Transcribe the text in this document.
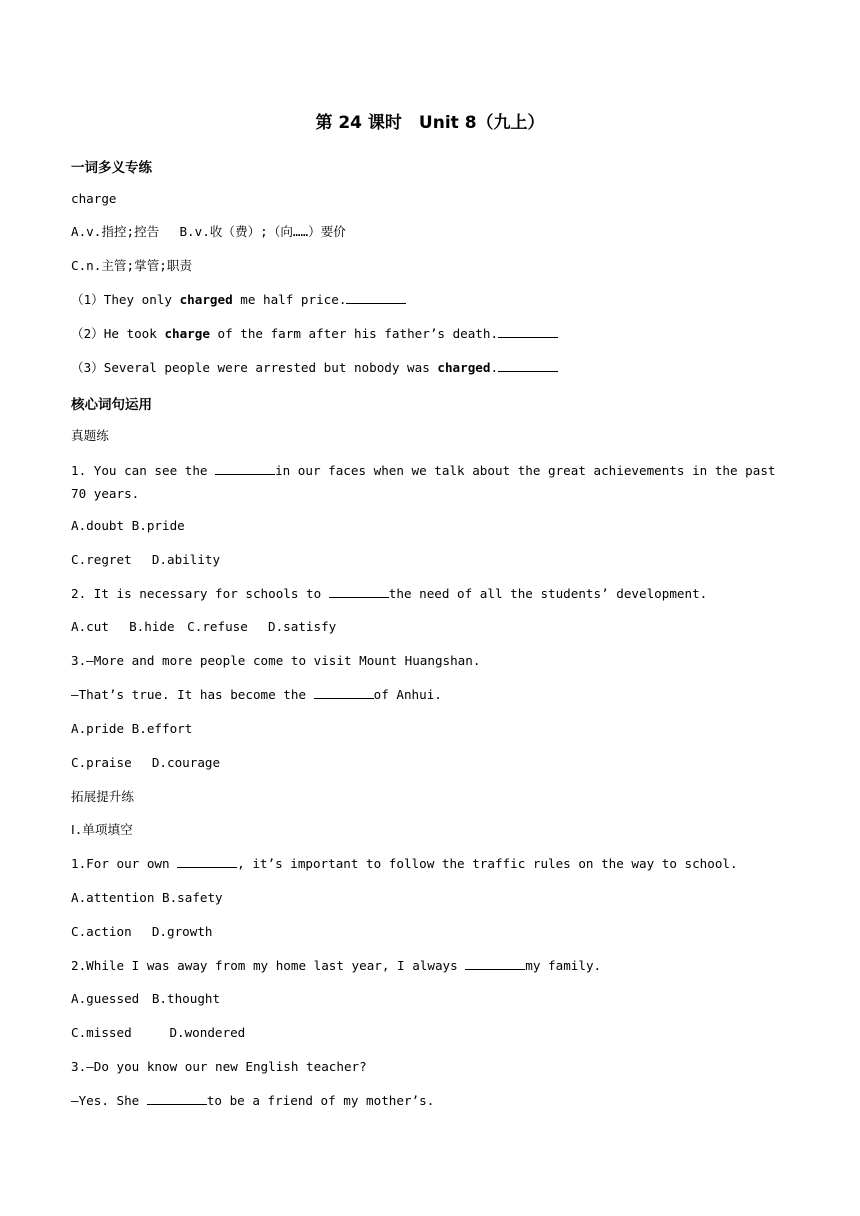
第 24 课时　Unit 8（九上）
一词多义专练
charge
A.v.指控;控告　 B.v.收（费）;（向……）要价
C.n.主管;掌管;职责
（1）They only charged me half price.
（2）He took charge of the farm after his father’s death.
（3）Several people were arrested but nobody was charged.
核心词句运用
真题练
1. You can see the	in our faces when we talk about the great achievements in the past 70 years.
A.doubt B.pride
C.regret　 D.ability
2. It is necessary for schools to	the need of all the students’ development.
A.cut　 B.hide　C.refuse　 D.satisfy
3.—More and more people come to visit Mount Huangshan.
—That’s true. It has become the	of Anhui.
A.pride B.effort
C.praise　 D.courage
拓展提升练
Ⅰ.单项填空
1.For our own	, it’s important to follow the traffic rules on the way to school.
A.attention B.safety
C.action　 D.growth
2.While I was away from my home last year, I always	my family.
A.guessed　B.thought
C.missed　　　D.wondered
3.—Do you know our new English teacher?
—Yes. She	to be a friend of my mother’s.
